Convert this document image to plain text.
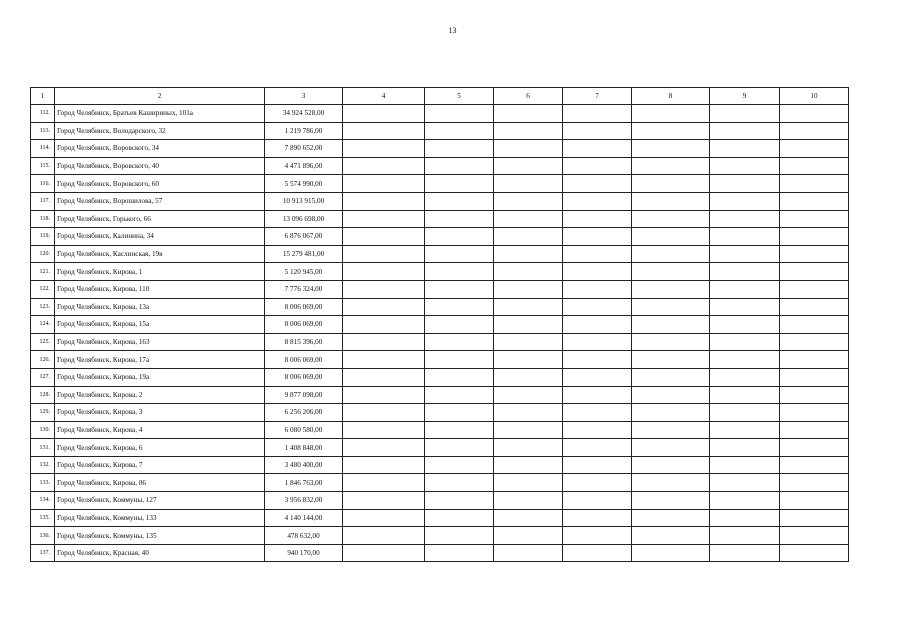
13
1	2	3	4	5	6	7	8	9	10
112.	Город Челябинск, Братьев Кашириных, 101а	34 924 528,00							
113.	Город Челябинск, Володарского, 32	1 219 786,00							
114.	Город Челябинск, Воровского, 34	7 890 652,00							
115.	Город Челябинск, Воровского, 40	4 471 896,00							
116.	Город Челябинск, Воровского, 60	5 574 990,00							
117.	Город Челябинск, Ворошилова, 57	10 913 915,00							
118.	Город Челябинск, Горького, 66	13 096 698,00							
119.	Город Челябинск, Калинина, 34	6 876 067,00							
120.	Город Челябинск, Каслинская, 19в	15 279 481,00							
121.	Город Челябинск, Кирова, 1	5 120 945,00							
122.	Город Челябинск, Кирова, 110	7 776 324,00							
123.	Город Челябинск, Кирова, 13а	8 006 069,00							
124.	Город Челябинск, Кирова, 15а	8 006 069,00							
125.	Город Челябинск, Кирова, 163	8 815 396,00							
126.	Город Челябинск, Кирова, 17а	8 006 069,00							
127.	Город Челябинск, Кирова, 19а	8 006 069,00							
128.	Город Челябинск, Кирова, 2	9 877 098,00							
129.	Город Челябинск, Кирова, 3	6 256 206,00							
130.	Город Челябинск, Кирова, 4	6 080 580,00							
131.	Город Челябинск, Кирова, 6	1 408 848,00							
132.	Город Челябинск, Кирова, 7	3 480 400,00							
133.	Город Челябинск, Кирова, 86	1 846 763,00							
134.	Город Челябинск, Коммуны, 127	3 956 832,00							
135.	Город Челябинск, Коммуны, 133	4 140 144,00							
136.	Город Челябинск, Коммуны, 135	478 632,00							
137.	Город Челябинск, Красная, 40	940 170,00							
